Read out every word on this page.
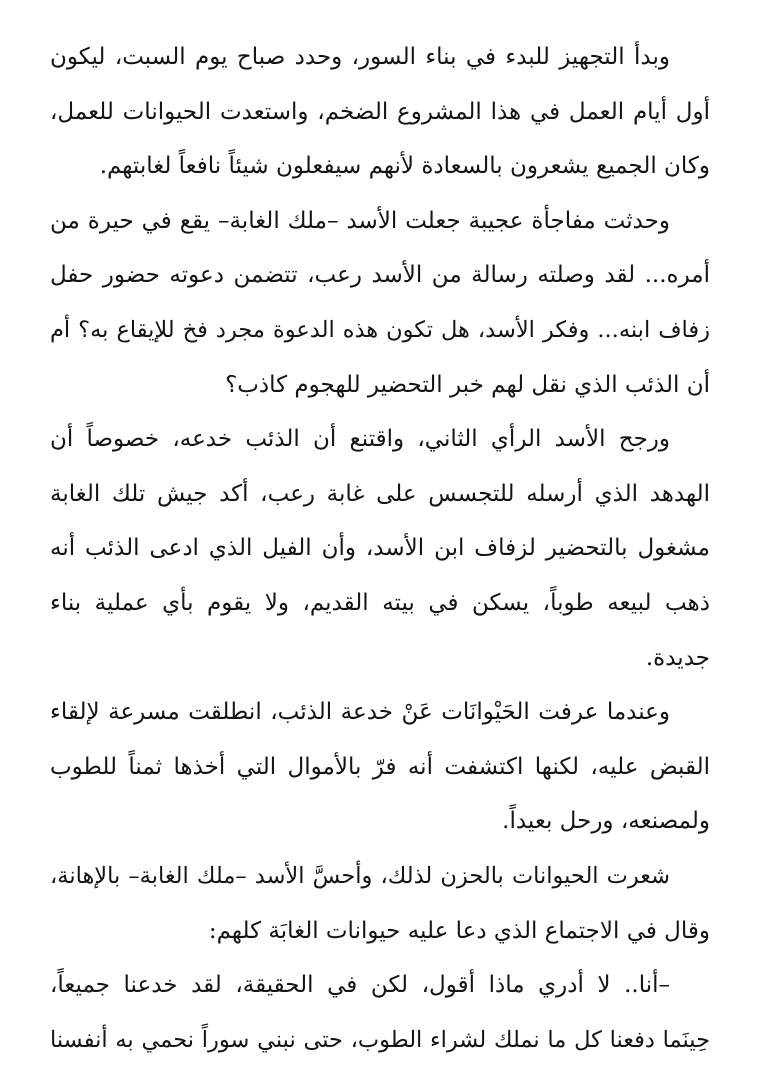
وبدأ التجهيز للبدء في بناء السور، وحدد صباح يوم السبت، ليكون
أول أيام العمل في هذا المشروع الضخم، واستعدت الحيوانات للعمل،
وكان الجميع يشعرون بالسعادة لأنهم سيفعلون شيئاً نافعاً لغابتهم.
وحدثت مفاجأة عجيبة جعلت الأسد –ملك الغابة– يقع في حيرة من
أمره... لقد وصلته رسالة من الأسد رعب، تتضمن دعوته حضور حفل
زفاف ابنه... وفكر الأسد، هل تكون هذه الدعوة مجرد فخ للإيقاع به؟ أم
أن الذئب الذي نقل لهم خبر التحضير للهجوم كاذب؟
ورجح الأسد الرأي الثاني، واقتنع أن الذئب خدعه، خصوصاً أن
الهدهد الذي أرسله للتجسس على غابة رعب، أكد جيش تلك الغابة
مشغول بالتحضير لزفاف ابن الأسد، وأن الفيل الذي ادعى الذئب أنه
ذهب لبيعه طوباً، يسكن في بيته القديم، ولا يقوم بأي عملية بناء
جديدة.
وعندما عرفت الحَيْوانَات عَنْ خدعة الذئب، انطلقت مسرعة لإلقاء
القبض عليه، لكنها اكتشفت أنه فرّ بالأموال التي أخذها ثمناً للطوب
ولمصنعه، ورحل بعيداً.
شعرت الحيوانات بالحزن لذلك، وأحسَّ الأسد –ملك الغابة– بالإهانة،
وقال في الاجتماع الذي دعا عليه حيوانات الغابَة كلهم:
–أنا.. لا أدري ماذا أقول، لكن في الحقيقة، لقد خدعنا جميعاً،
حِينَما دفعنا كل ما نملك لشراء الطوب، حتى نبني سوراً نحمي به أنفسنا
